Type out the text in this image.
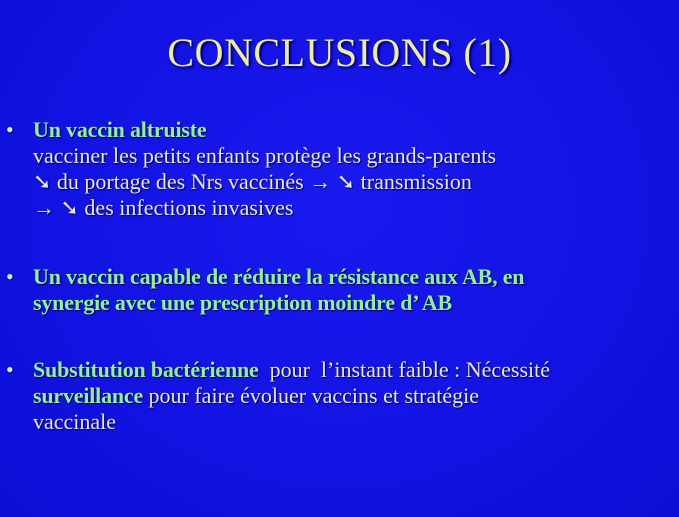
CONCLUSIONS (1)
• Un vaccin altruiste
vacciner les petits enfants protège les grands-parents
➘ du portage des Nrs vaccinés → ➘ transmission
→ ➘ des infections invasives
• Un vaccin capable de réduire la résistance aux AB, en
synergie avec une prescription moindre d’ AB
• Substitution bactérienne  pour  l’instant faible : Nécessité
surveillance pour faire évoluer vaccins et stratégie
vaccinale
